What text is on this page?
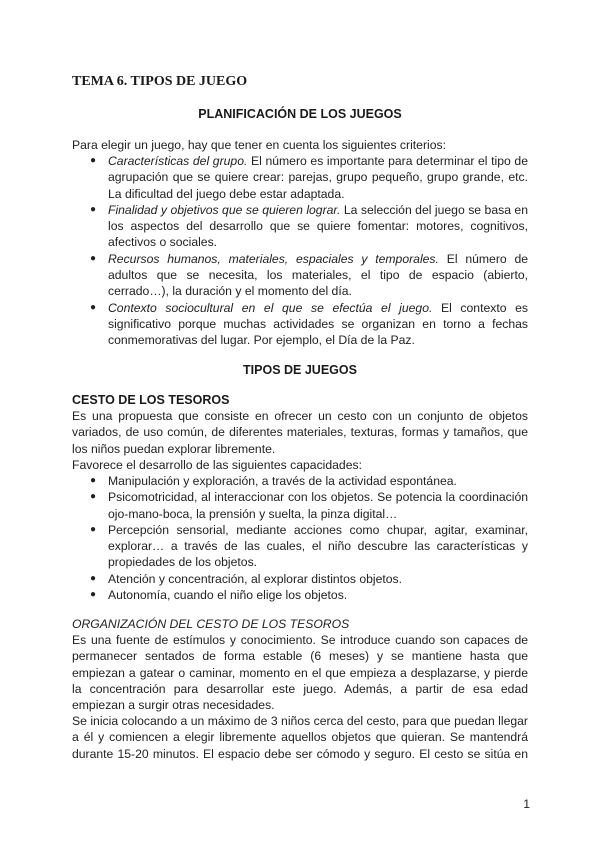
TEMA 6. TIPOS DE JUEGO
PLANIFICACIÓN DE LOS JUEGOS

Para elegir un juego, hay que tener en cuenta los siguientes criterios:

● Características del grupo. El número es importante para determinar el tipo de agrupación que se quiere crear: parejas, grupo pequeño, grupo grande, etc. La dificultad del juego debe estar adaptada.
● Finalidad y objetivos que se quieren lograr. La selección del juego se basa en los aspectos del desarrollo que se quiere fomentar: motores, cognitivos, afectivos o sociales.
● Recursos humanos, materiales, espaciales y temporales. El número de adultos que se necesita, los materiales, el tipo de espacio (abierto, cerrado…), la duración y el momento del día.
● Contexto sociocultural en el que se efectúa el juego. El contexto es significativo porque muchas actividades se organizan en torno a fechas conmemorativas del lugar. Por ejemplo, el Día de la Paz.
TIPOS DE JUEGOS
CESTO DE LOS TESOROS

Es una propuesta que consiste en ofrecer un cesto con un conjunto de objetos variados, de uso común, de diferentes materiales, texturas, formas y tamaños, que los niños puedan explorar libremente.

Favorece el desarrollo de las siguientes capacidades:

● Manipulación y exploración, a través de la actividad espontánea.
● Psicomotricidad, al interaccionar con los objetos. Se potencia la coordinación ojo-mano-boca, la prensión y suelta, la pinza digital…
● Percepción sensorial, mediante acciones como chupar, agitar, examinar, explorar… a través de las cuales, el niño descubre las características y propiedades de los objetos.
● Atención y concentración, al explorar distintos objetos.
● Autonomía, cuando el niño elige los objetos.

ORGANIZACIÓN DEL CESTO DE LOS TESOROS

Es una fuente de estímulos y conocimiento. Se introduce cuando son capaces de permanecer sentados de forma estable (6 meses) y se mantiene hasta que empiezan a gatear o caminar, momento en el que empieza a desplazarse, y pierde la concentración para desarrollar este juego. Además, a partir de esa edad empiezan a surgir otras necesidades.

Se inicia colocando a un máximo de 3 niños cerca del cesto, para que puedan llegar a él y comiencen a elegir libremente aquellos objetos que quieran. Se mantendrá durante 15-20 minutos. El espacio debe ser cómodo y seguro. El cesto se sitúa en

1
